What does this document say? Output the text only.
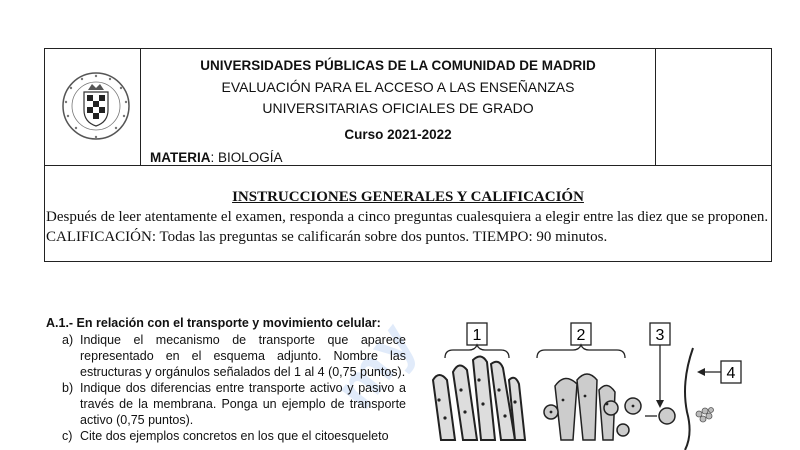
UNIVERSIDADES PÚBLICAS DE LA COMUNIDAD DE MADRID
EVALUACIÓN PARA EL ACCESO A LAS ENSEÑANZAS
UNIVERSITARIAS OFICIALES DE GRADO
Curso 2021-2022
MATERIA: BIOLOGÍA
INSTRUCCIONES GENERALES Y CALIFICACIÓN
Después de leer atentamente el examen, responda a cinco preguntas cualesquiera a elegir entre las diez que se proponen. CALIFICACIÓN: Todas las preguntas se calificarán sobre dos puntos. TIEMPO: 90 minutos.
my
A.1.- En relación con el transporte y movimiento celular:
a) Indique el mecanismo de transporte que aparece representado en el esquema adjunto. Nombre las estructuras y orgánulos señalados del 1 al 4 (0,75 puntos).
b) Indique dos diferencias entre transporte activo y pasivo a través de la membrana. Ponga un ejemplo de transporte activo (0,75 puntos).
c) Cite dos ejemplos concretos en los que el citoesqueleto
1	2	3
4
